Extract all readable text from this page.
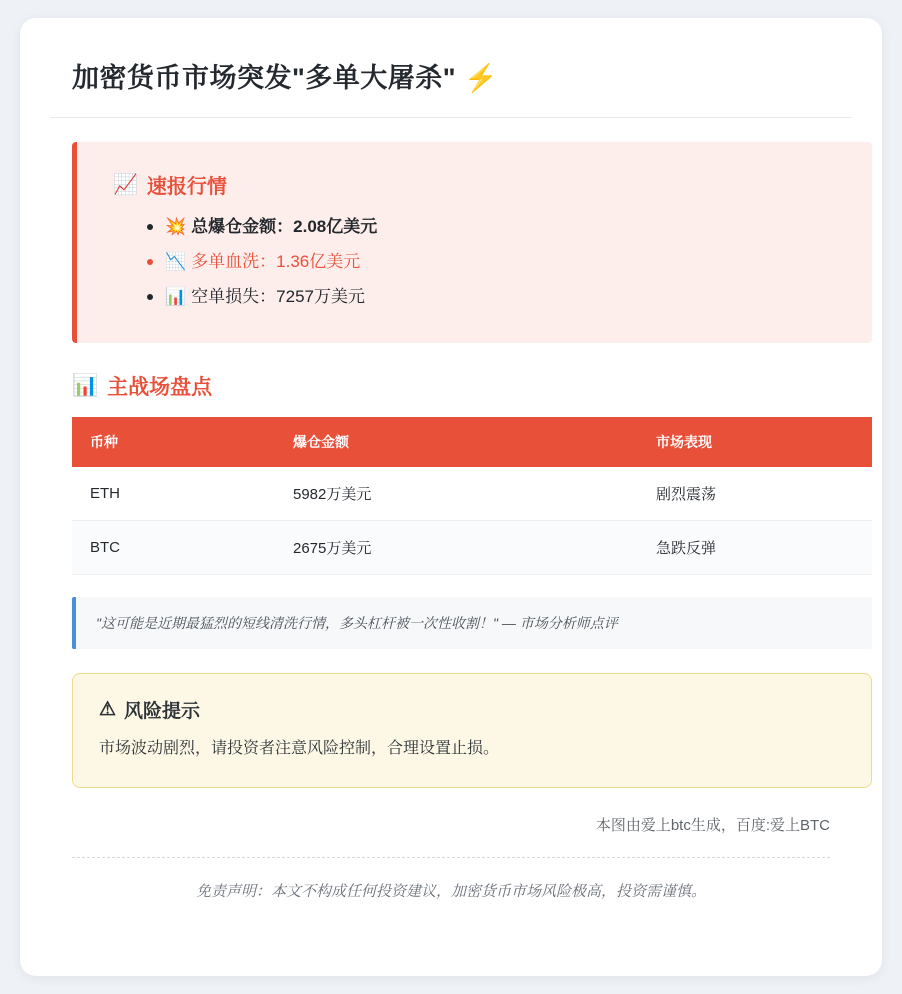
加密货币市场突发"多单大屠杀" ⚡
📈 速报行情
💥 总爆仓金额：2.08亿美元
📉 多单血洗：1.36亿美元
📊 空单损失：7257万美元
📊 主战场盘点
币种	爆仓金额	市场表现
ETH	5982万美元	剧烈震荡
BTC	2675万美元	急跌反弹
"这可能是近期最猛烈的短线清洗行情，多头杠杆被一次性收割！" — 市场分析师点评
⚠ 风险提示
市场波动剧烈，请投资者注意风险控制，合理设置止损。
本图由爱上btc生成，百度:爱上BTC
免责声明：本文不构成任何投资建议，加密货币市场风险极高，投资需谨慎。
